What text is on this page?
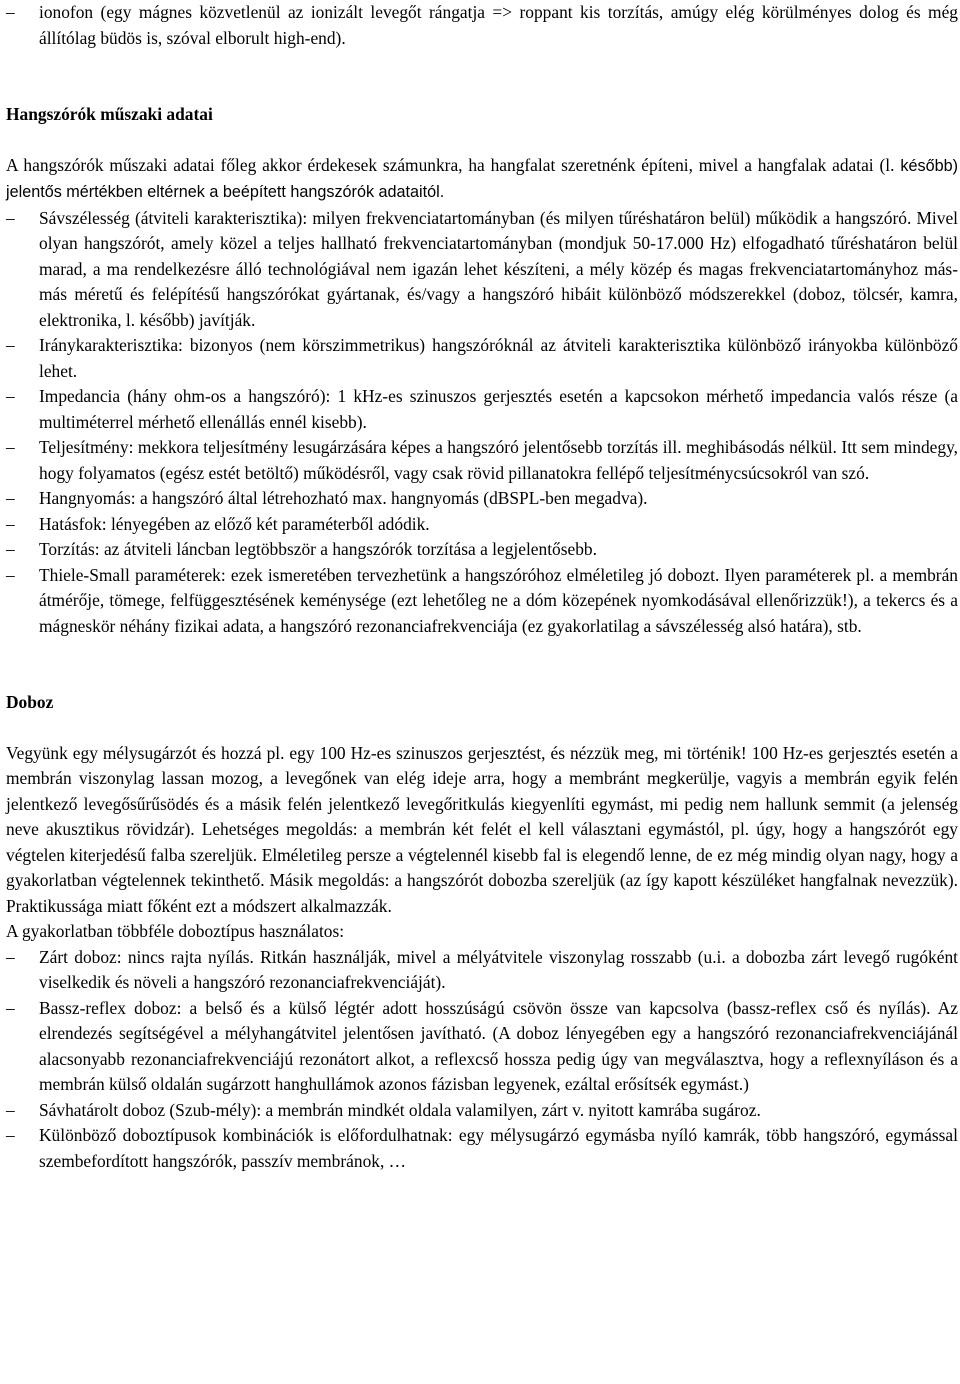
–	ionofon (egy mágnes közvetlenül az ionizált levegőt rángatja => roppant kis torzítás, amúgy elég körülményes dolog és még állítólag büdös is, szóval elborult high-end).

Hangszórók műszaki adatai

A hangszórók műszaki adatai főleg akkor érdekesek számunkra, ha hangfalat szeretnénk építeni, mivel a hangfalak adatai (l. később) jelentős mértékben eltérnek a beépített hangszórók adataitól.

–	Sávszélesség (átviteli karakterisztika): milyen frekvenciatartományban (és milyen tűréshatáron belül) működik a hangszóró. Mivel olyan hangszórót, amely közel a teljes hallható frekvenciatartományban (mondjuk 50-17.000 Hz) elfogadható tűréshatáron belül marad, a ma rendelkezésre álló technológiával nem igazán lehet készíteni, a mély közép és magas frekvenciatartományhoz más-más méretű és felépítésű hangszórókat gyártanak, és/vagy a hangszóró hibáit különböző módszerekkel (doboz, tölcsér, kamra, elektronika, l. később) javítják.
–	Iránykarakterisztika: bizonyos (nem körszimmetrikus) hangszóróknál az átviteli karakterisztika különböző irányokba különböző lehet.
–	Impedancia (hány ohm-os a hangszóró): 1 kHz-es szinuszos gerjesztés esetén a kapcsokon mérhető impedancia valós része (a multiméterrel mérhető ellenállás ennél kisebb).
–	Teljesítmény: mekkora teljesítmény lesugárzására képes a hangszóró jelentősebb torzítás ill. meghibásodás nélkül. Itt sem mindegy, hogy folyamatos (egész estét betöltő) működésről, vagy csak rövid pillanatokra fellépő teljesítménycsúcsokról van szó.
–	Hangnyomás: a hangszóró által létrehozható max. hangnyomás (dBSPL-ben megadva).
–	Hatásfok: lényegében az előző két paraméterből adódik.
–	Torzítás: az átviteli láncban legtöbbször a hangszórók torzítása a legjelentősebb.
–	Thiele-Small paraméterek: ezek ismeretében tervezhetünk a hangszóróhoz elméletileg jó dobozt. Ilyen paraméterek pl. a membrán átmérője, tömege, felfüggesztésének keménysége (ezt lehetőleg ne a dóm közepének nyomkodásával ellenőrizzük!), a tekercs és a mágneskör néhány fizikai adata, a hangszóró rezonanciafrekvenciája (ez gyakorlatilag a sávszélesség alsó határa), stb.

Doboz

Vegyünk egy mélysugárzót és hozzá pl. egy 100 Hz-es szinuszos gerjesztést, és nézzük meg, mi történik! 100 Hz-es gerjesztés esetén a membrán viszonylag lassan mozog, a levegőnek van elég ideje arra, hogy a membránt megkerülje, vagyis a membrán egyik felén jelentkező levegősűrűsödés és a másik felén jelentkező levegőritkulás kiegyenlíti egymást, mi pedig nem hallunk semmit (a jelenség neve akusztikus rövidzár). Lehetséges megoldás: a membrán két felét el kell választani egymástól, pl. úgy, hogy a hangszórót egy végtelen kiterjedésű falba szereljük. Elméletileg persze a végtelennél kisebb fal is elegendő lenne, de ez még mindig olyan nagy, hogy a gyakorlatban végtelennek tekinthető. Másik megoldás: a hangszórót dobozba szereljük (az így kapott készüléket hangfalnak nevezzük). Praktikussága miatt főként ezt a módszert alkalmazzák.

A gyakorlatban többféle doboztípus használatos:

–	Zárt doboz: nincs rajta nyílás. Ritkán használják, mivel a mélyátvitele viszonylag rosszabb (u.i. a dobozba zárt levegő rugóként viselkedik és növeli a hangszóró rezonanciafrekvenciáját).
–	Bassz-reflex doboz: a belső és a külső légtér adott hosszúságú csövön össze van kapcsolva (bassz-reflex cső és nyílás). Az elrendezés segítségével a mélyhangátvitel jelentősen javítható. (A doboz lényegében egy a hangszóró rezonanciafrekvenciájánál alacsonyabb rezonanciafrekvenciájú rezonátort alkot, a reflexcső hossza pedig úgy van megválasztva, hogy a reflexnyíláson és a membrán külső oldalán sugárzott hanghullámok azonos fázisban legyenek, ezáltal erősítsék egymást.)
–	Sávhatárolt doboz (Szub-mély): a membrán mindkét oldala valamilyen, zárt v. nyitott kamrába sugároz.
–	Különböző doboztípusok kombinációk is előfordulhatnak: egy mélysugárzó egymásba nyíló kamrák, több hangszóró, egymással szembefordított hangszórók, passzív membránok, …
